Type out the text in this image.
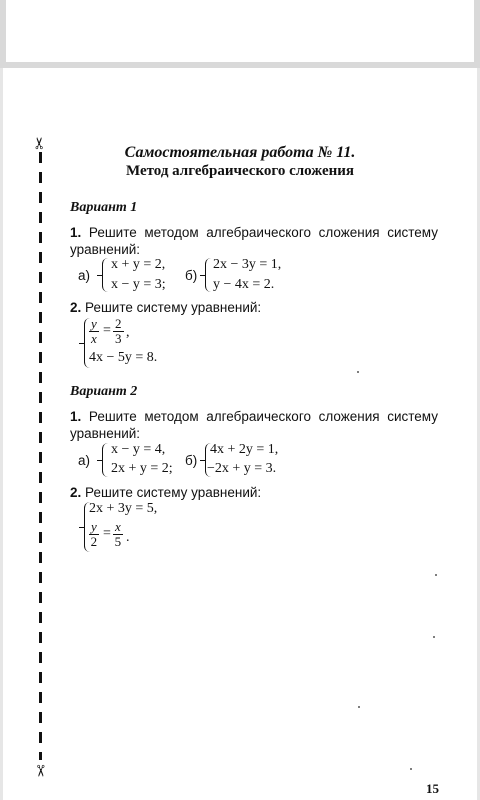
✂
✂
Самостоятельная работа № 11.
Метод алгебраического сложения
Вариант 1
1. Решите методом алгебраического сложения систему уравнений:
а)
x + y = 2,
x − y = 3;
б)
2x − 3y = 1,
y − 4x = 2.
2. Решите систему уравнений:
$\frac{y}{x} = \frac{2}{3}$ ,
4x − 5y = 8.
Вариант 2
1. Решите методом алгебраического сложения систему уравнений:
а)
x − y = 4,
2x + y = 2;
б)
4x + 2y = 1,
−2x + y = 3.
2. Решите систему уравнений:
2x + 3y = 5,
$\frac{y}{2} = \frac{x}{5}$ .
15
